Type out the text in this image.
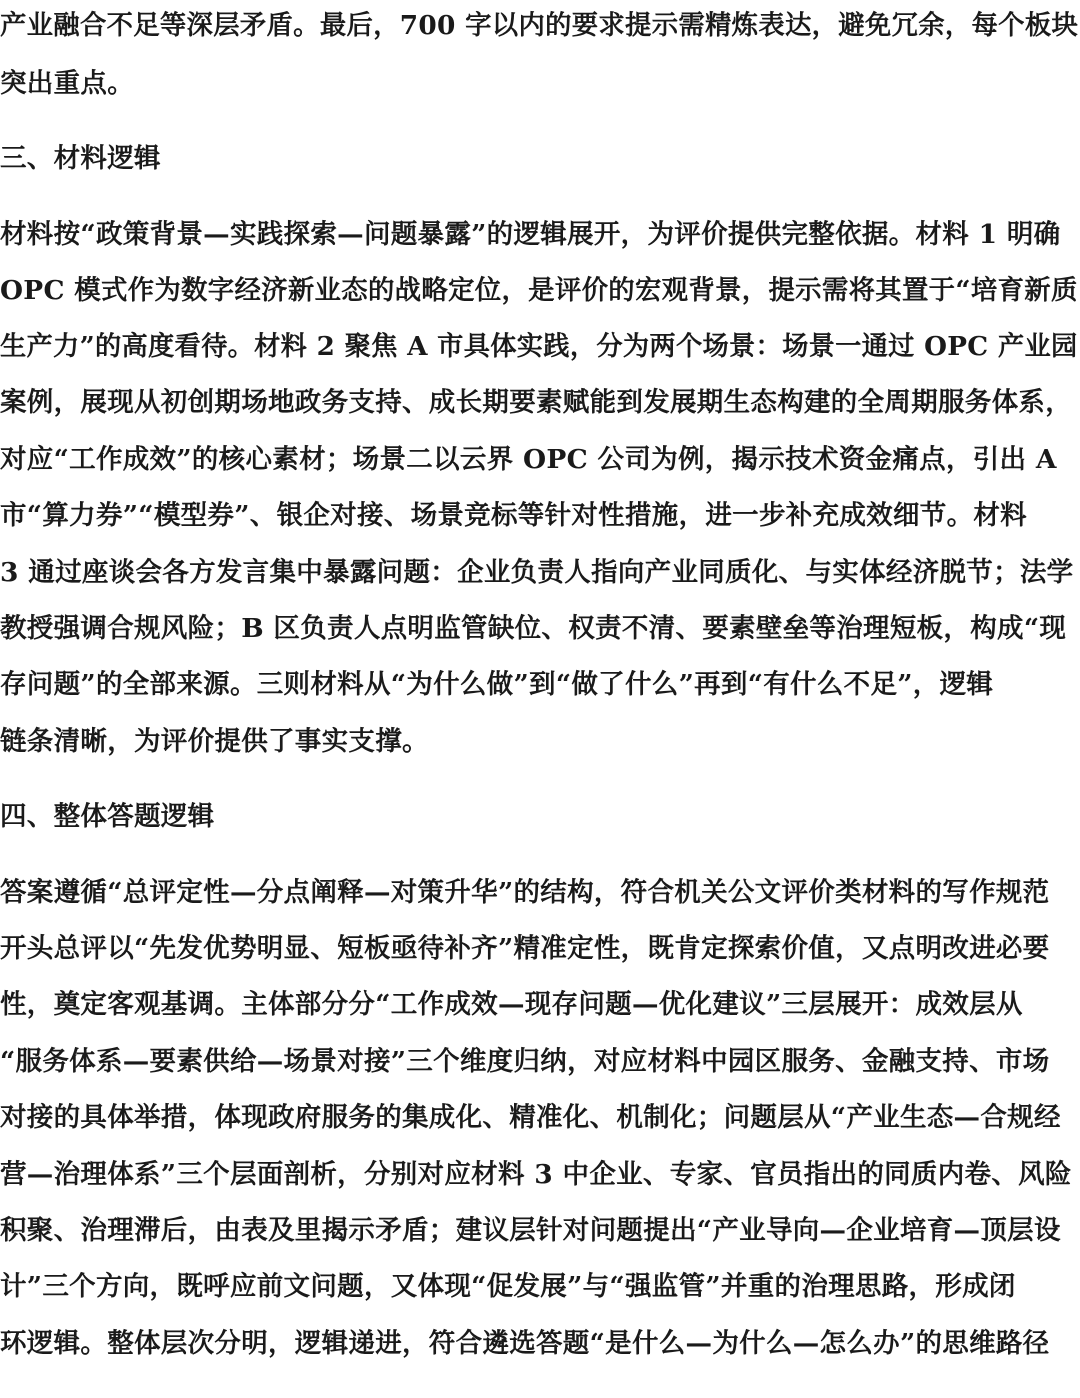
产业融合不足等深层矛盾。最后，700 字以内的要求提示需精炼表达，避免冗余，每个板块
突出重点。
三、材料逻辑
材料按“政策背景—实践探索—问题暴露”的逻辑展开，为评价提供完整依据。材料 1 明确
OPC 模式作为数字经济新业态的战略定位，是评价的宏观背景，提示需将其置于“培育新质
生产力”的高度看待。材料 2 聚焦 A 市具体实践，分为两个场景：场景一通过 OPC 产业园
案例，展现从初创期场地政务支持、成长期要素赋能到发展期生态构建的全周期服务体系，
对应“工作成效”的核心素材；场景二以云界 OPC 公司为例，揭示技术资金痛点，引出 A
市“算力券”“模型券”、银企对接、场景竞标等针对性措施，进一步补充成效细节。材料
3 通过座谈会各方发言集中暴露问题：企业负责人指向产业同质化、与实体经济脱节；法学
教授强调合规风险；B 区负责人点明监管缺位、权责不清、要素壁垒等治理短板，构成“现
存问题”的全部来源。三则材料从“为什么做”到“做了什么”再到“有什么不足”，逻辑
链条清晰，为评价提供了事实支撑。
四、整体答题逻辑
答案遵循“总评定性—分点阐释—对策升华”的结构，符合机关公文评价类材料的写作规范
开头总评以“先发优势明显、短板亟待补齐”精准定性，既肯定探索价值，又点明改进必要
性，奠定客观基调。主体部分分“工作成效—现存问题—优化建议”三层展开：成效层从
“服务体系—要素供给—场景对接”三个维度归纳，对应材料中园区服务、金融支持、市场
对接的具体举措，体现政府服务的集成化、精准化、机制化；问题层从“产业生态—合规经
营—治理体系”三个层面剖析，分别对应材料 3 中企业、专家、官员指出的同质内卷、风险
积聚、治理滞后，由表及里揭示矛盾；建议层针对问题提出“产业导向—企业培育—顶层设
计”三个方向，既呼应前文问题，又体现“促发展”与“强监管”并重的治理思路，形成闭
环逻辑。整体层次分明，逻辑递进，符合遴选答题“是什么—为什么—怎么办”的思维路径
